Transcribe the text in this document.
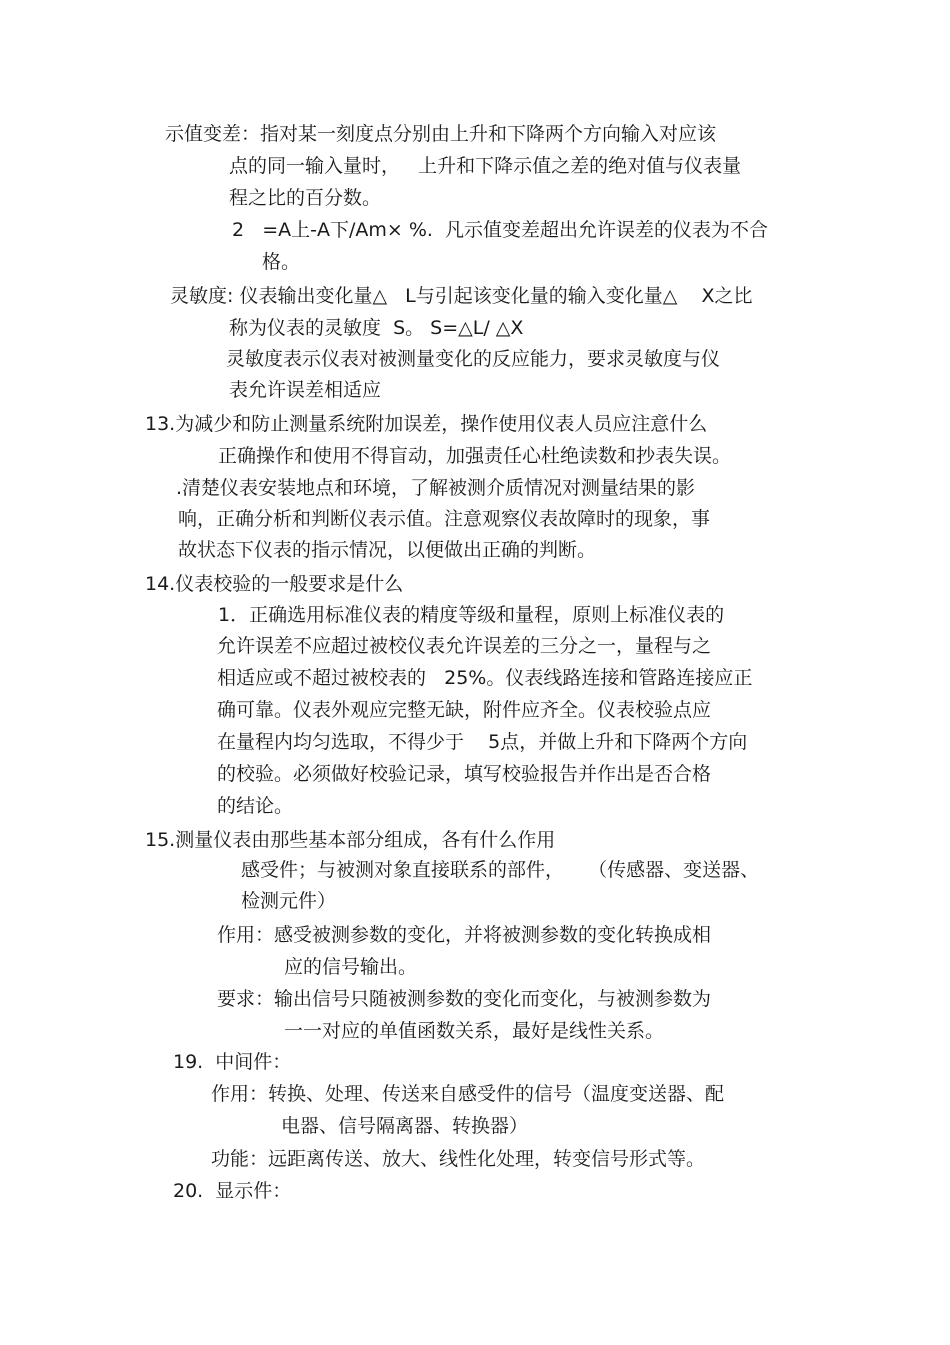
示值变差：指对某一刻度点分别由上升和下降两个方向输入对应该
点的同一输入量时，   上升和下降示值之差的绝对值与仪表量
程之比的百分数。
2   =A上-A下/Am× %.  凡示值变差超出允许误差的仪表为不合
格。
灵敏度: 仪表输出变化量△   L与引起该变化量的输入变化量△    X之比
称为仪表的灵敏度  S。 S=△L/ △X
灵敏度表示仪表对被测量变化的反应能力，要求灵敏度与仪
表允许误差相适应
13.为减少和防止测量系统附加误差，操作使用仪表人员应注意什么
正确操作和使用不得盲动，加强责任心杜绝读数和抄表失误。
.清楚仪表安装地点和环境，了解被测介质情况对测量结果的影
响，正确分析和判断仪表示值。注意观察仪表故障时的现象，事
故状态下仪表的指示情况，以便做出正确的判断。
14.仪表校验的一般要求是什么
1．正确选用标准仪表的精度等级和量程，原则上标准仪表的
允许误差不应超过被校仪表允许误差的三分之一，量程与之
相适应或不超过被校表的   25%。仪表线路连接和管路连接应正
确可靠。仪表外观应完整无缺，附件应齐全。仪表校验点应
在量程内均匀选取，不得少于    5点，并做上升和下降两个方向
的校验。必须做好校验记录，填写校验报告并作出是否合格
的结论。
15.测量仪表由那些基本部分组成，各有什么作用
感受件；与被测对象直接联系的部件，    （传感器、变送器、
检测元件）
作用：感受被测参数的变化，并将被测参数的变化转换成相
应的信号输出。
要求：输出信号只随被测参数的变化而变化，与被测参数为
一一对应的单值函数关系，最好是线性关系。
19.  中间件：
作用：转换、处理、传送来自感受件的信号（温度变送器、配
电器、信号隔离器、转换器）
功能：远距离传送、放大、线性化处理，转变信号形式等。
20.  显示件：
